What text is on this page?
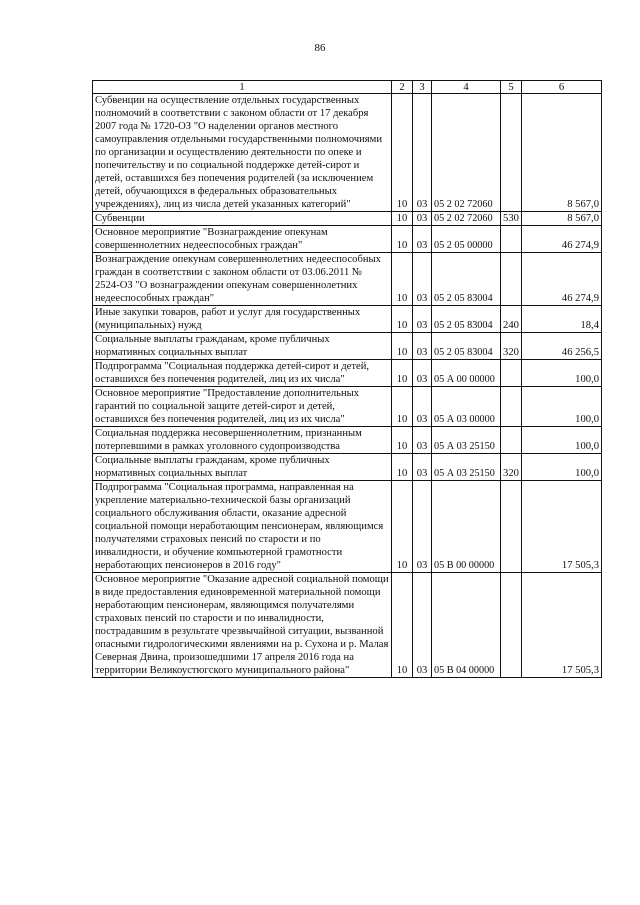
86
1	2	3	4	5	6
Субвенции на осуществление отдельных государственных полномочий в соответствии с законом области от 17 декабря 2007 года № 1720-ОЗ "О наделении органов местного самоуправления отдельными государственными полномочиями по организации и осуществлению деятельности по опеке и попечительству и по социальной поддержке детей-сирот и детей, оставшихся без попечения родителей (за исключением детей, обучающихся в федеральных образовательных учреждениях), лиц из числа детей указанных категорий"	10	03	05 2 02 72060		8 567,0
Субвенции	10	03	05 2 02 72060	530	8 567,0
Основное мероприятие "Вознаграждение опекунам совершеннолетних недееспособных граждан"	10	03	05 2 05 00000		46 274,9
Вознаграждение опекунам совершеннолетних недееспособных граждан в соответствии с законом области от 03.06.2011 № 2524-ОЗ "О вознаграждении опекунам совершеннолетних недееспособных граждан"	10	03	05 2 05 83004		46 274,9
Иные закупки товаров, работ и услуг для государственных (муниципальных) нужд	10	03	05 2 05 83004	240	18,4
Социальные выплаты гражданам, кроме публичных нормативных социальных выплат	10	03	05 2 05 83004	320	46 256,5
Подпрограмма "Социальная поддержка детей-сирот и детей, оставшихся без попечения родителей, лиц из их числа"	10	03	05 А 00 00000		100,0
Основное мероприятие "Предоставление дополнительных гарантий по социальной защите детей-сирот и детей, оставшихся без попечения родителей, лиц из их числа"	10	03	05 А 03 00000		100,0
Социальная поддержка несовершеннолетним, признанным потерпевшими в рамках уголовного судопроизводства	10	03	05 А 03 25150		100,0
Социальные выплаты гражданам, кроме публичных нормативных социальных выплат	10	03	05 А 03 25150	320	100,0
Подпрограмма "Социальная программа, направленная на укрепление материально-технической базы организаций социального обслуживания области, оказание адресной социальной помощи неработающим пенсионерам, являющимся получателями страховых пенсий по старости и по инвалидности, и обучение компьютерной грамотности неработающих пенсионеров в 2016 году"	10	03	05 В 00 00000		17 505,3
Основное мероприятие "Оказание адресной социальной помощи в виде предоставления единовременной материальной помощи неработающим пенсионерам, являющимся получателями страховых пенсий по старости и по инвалидности, пострадавшим в результате чрезвычайной ситуации, вызванной опасными гидрологическими явлениями на р. Сухона и р. Малая Северная Двина, произошедшими 17 апреля 2016 года на территории Великоустюгского муниципального района"	10	03	05 В 04 00000		17 505,3
